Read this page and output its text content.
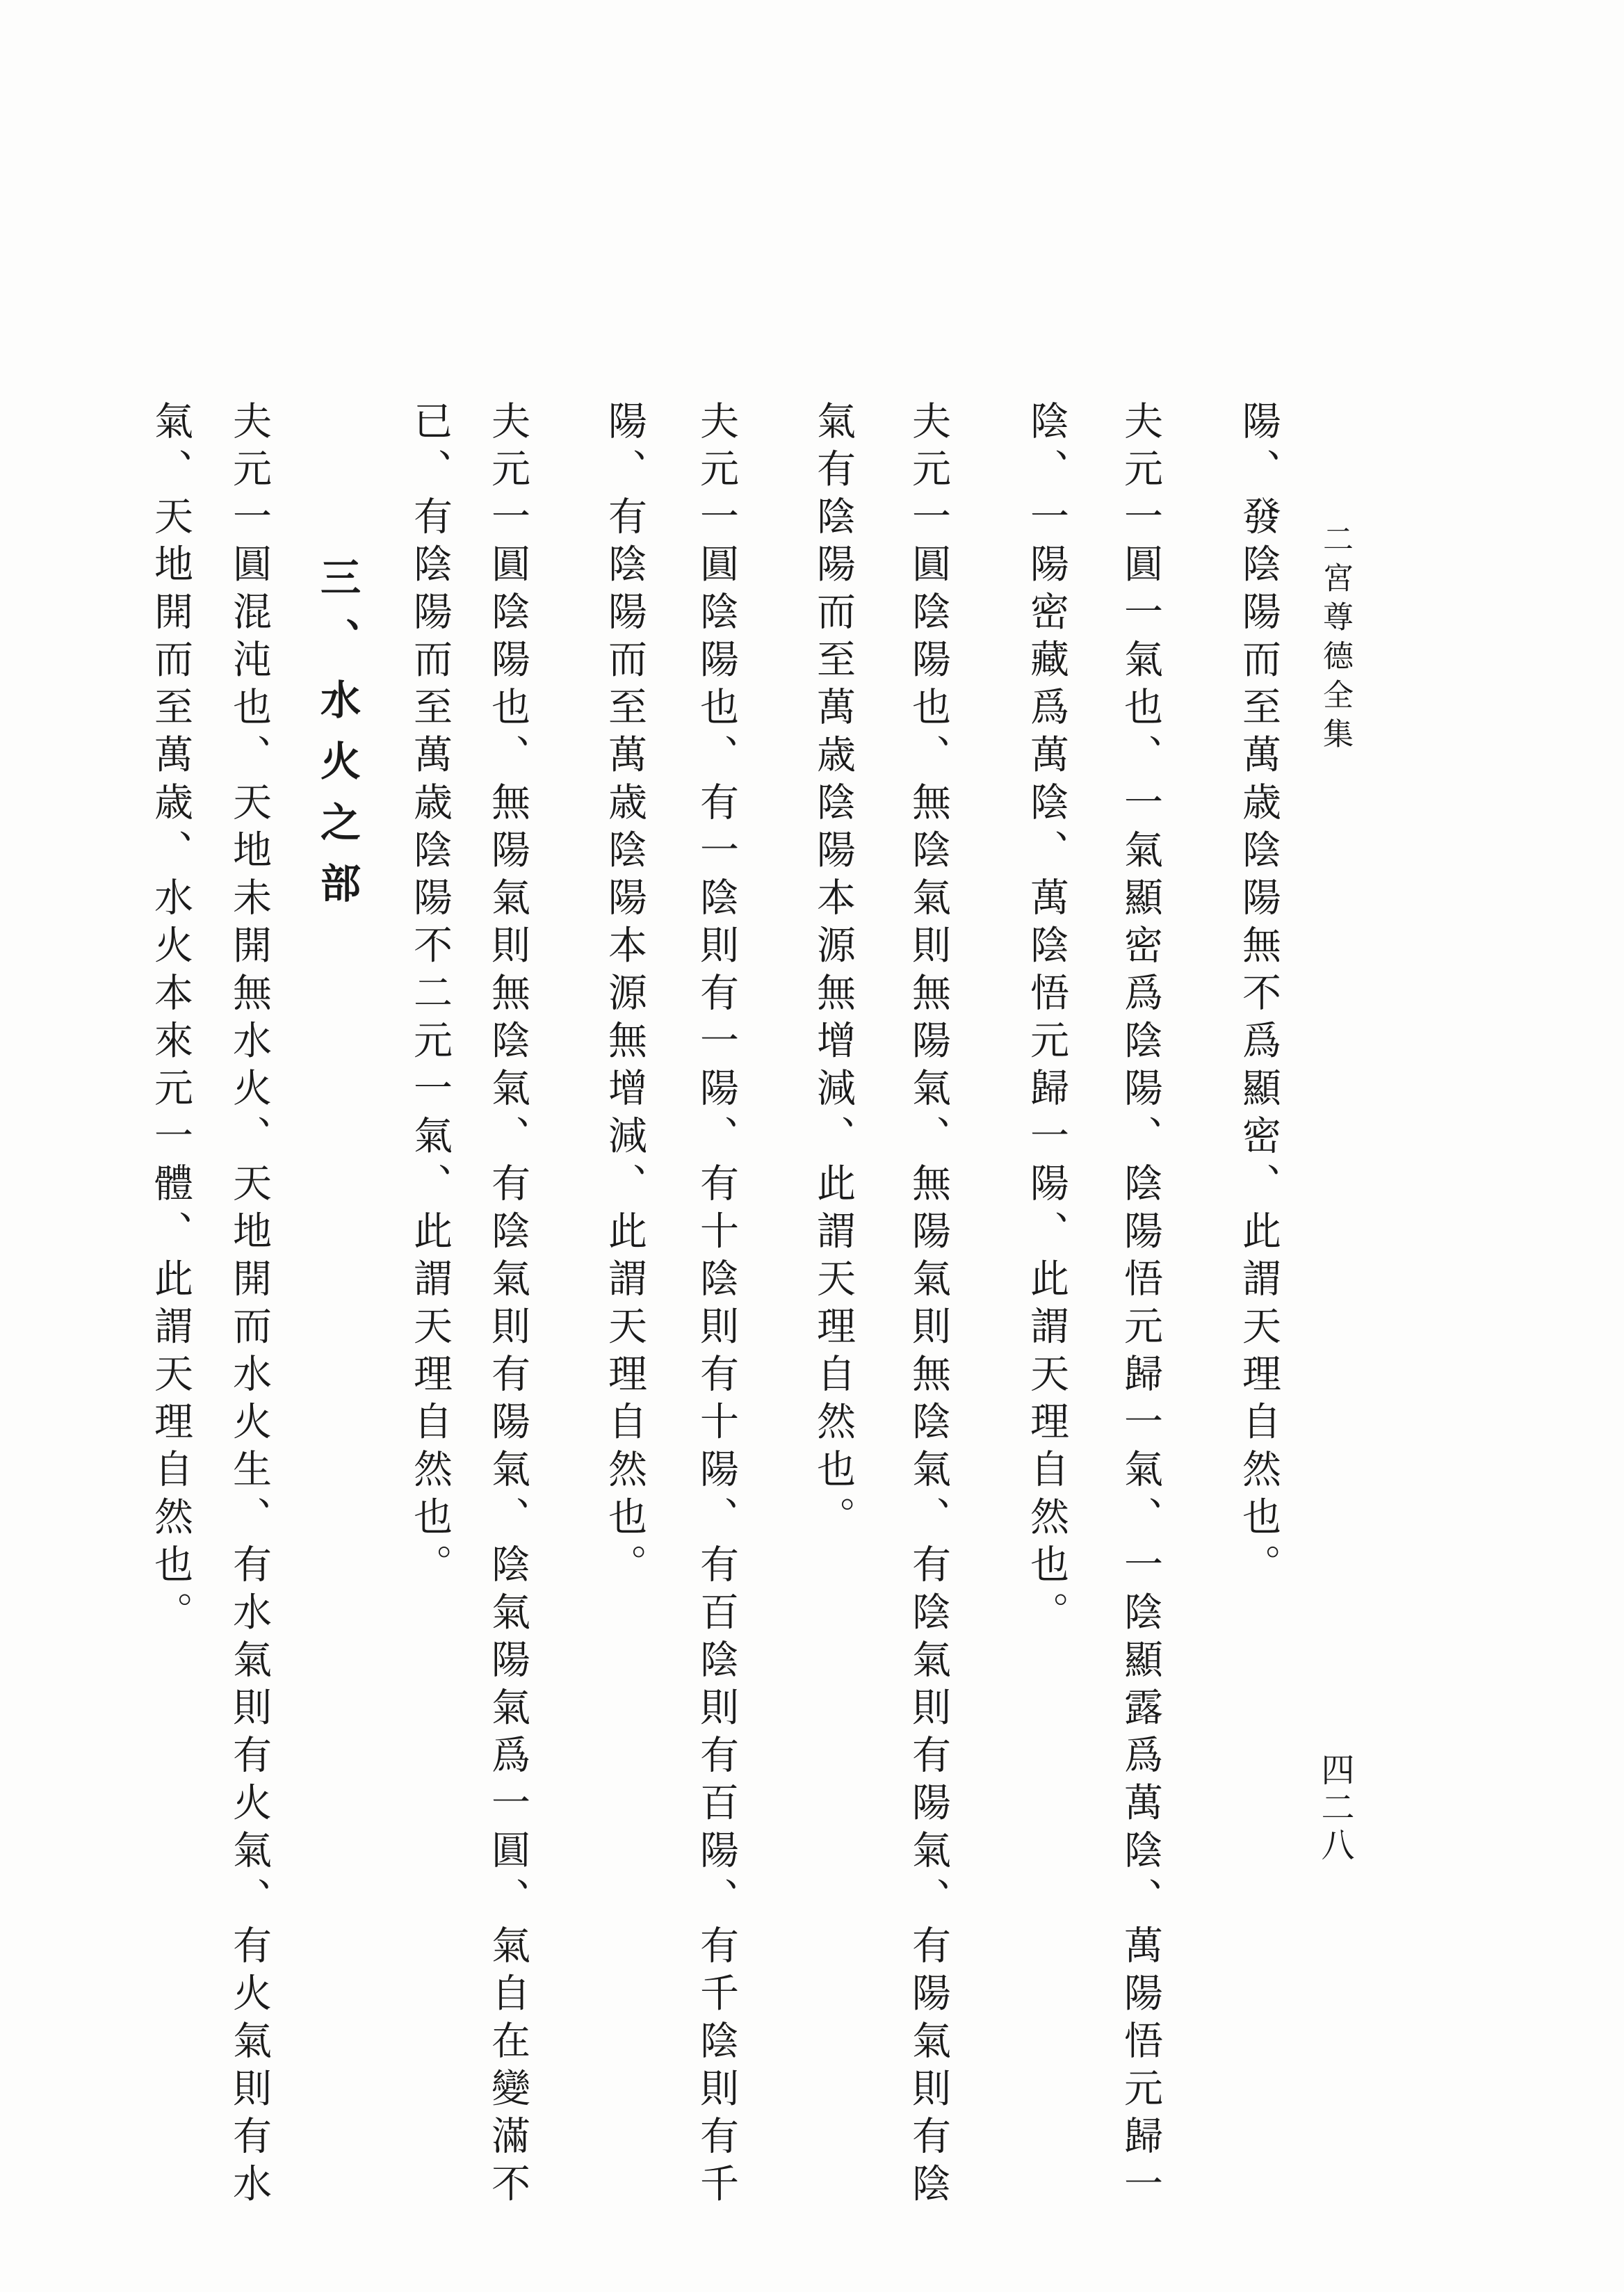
二宮尊德全集
四二八
陽、發陰陽而至萬歳陰陽無不爲顯密、此謂天理自然也。
夫元一圓一氣也、一氣顯密爲陰陽、陰陽悟元歸一氣、一陰顯露爲萬陰、萬陽悟元歸一
陰、一陽密藏爲萬陰、萬陰悟元歸一陽、此謂天理自然也。
夫元一圓陰陽也、無陰氣則無陽氣、無陽氣則無陰氣、有陰氣則有陽氣、有陽氣則有陰
氣有陰陽而至萬歳陰陽本源無增減、此謂天理自然也。
夫元一圓陰陽也、有一陰則有一陽、有十陰則有十陽、有百陰則有百陽、有千陰則有千
陽、有陰陽而至萬歳陰陽本源無增減、此謂天理自然也。
夫元一圓陰陽也、無陽氣則無陰氣、有陰氣則有陽氣、陰氣陽氣爲一圓、氣自在變滿不
已、有陰陽而至萬歳陰陽不二元一氣、此謂天理自然也。
三、水火之部
夫元一圓混沌也、天地未開無水火、天地開而水火生、有水氣則有火氣、有火氣則有水
氣、天地開而至萬歳、水火本來元一體、此謂天理自然也。
